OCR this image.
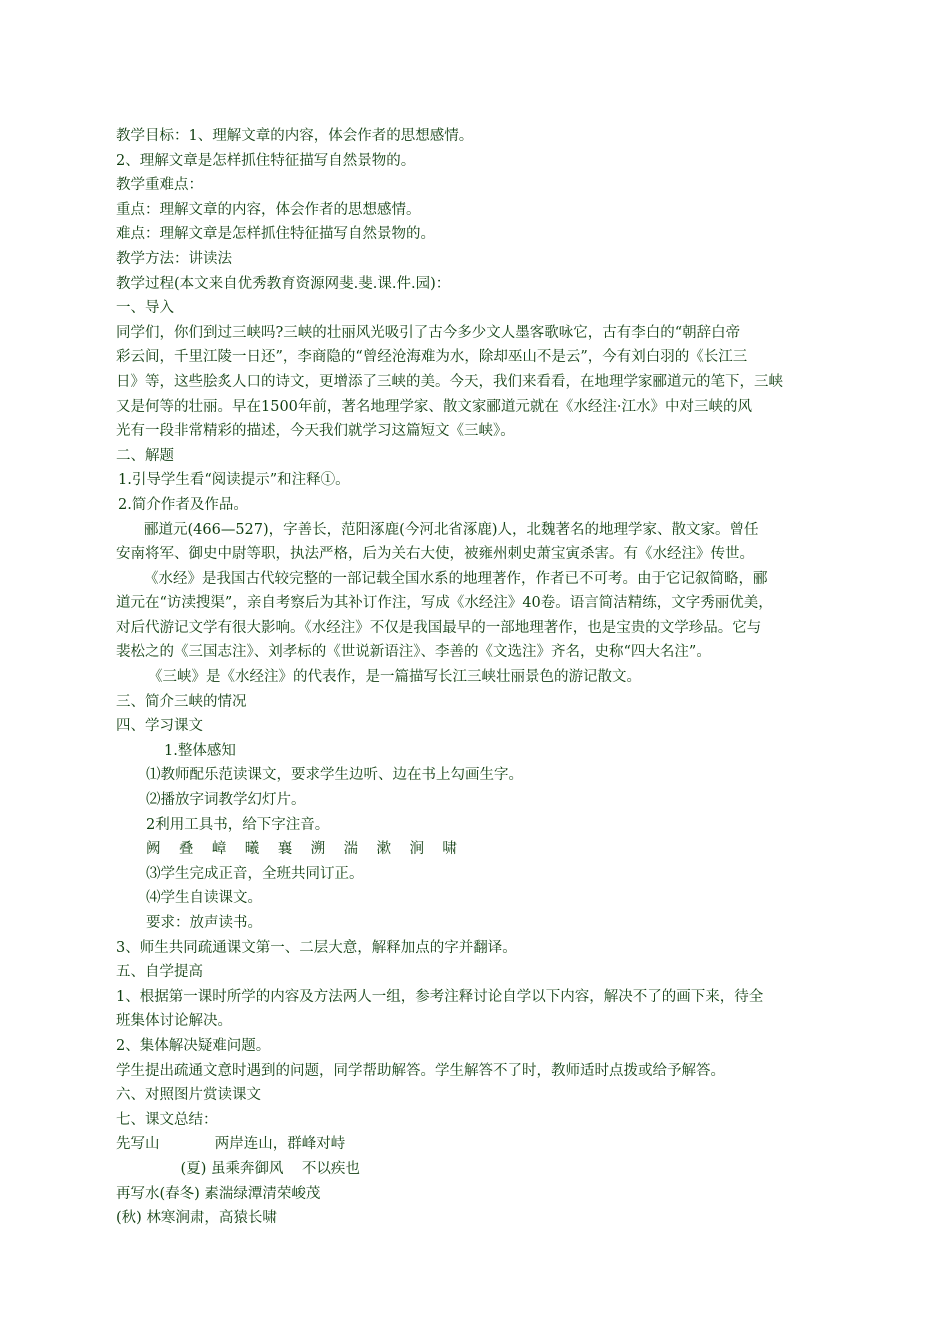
教学目标：1、理解文章的内容，体会作者的思想感情。

2、理解文章是怎样抓住特征描写自然景物的。

教学重难点：

重点：理解文章的内容，体会作者的思想感情。

难点：理解文章是怎样抓住特征描写自然景物的。

教学方法：讲读法

教学过程(本文来自优秀教育资源网斐.斐.课.件.园)：

一、导入

同学们，你们到过三峡吗?三峡的壮丽风光吸引了古今多少文人墨客歌咏它，古有李白的“朝辞白帝

彩云间，千里江陵一日还”，李商隐的“曾经沧海难为水，除却巫山不是云”，今有刘白羽的《长江三

日》等，这些脍炙人口的诗文，更增添了三峡的美。今天，我们来看看，在地理学家郦道元的笔下，三峡

又是何等的壮丽。早在1500年前，著名地理学家、散文家郦道元就在《水经注·江水》中对三峡的风

光有一段非常精彩的描述，今天我们就学习这篇短文《三峡》。

二、解题

1.引导学生看“阅读提示”和注释①。

2.简介作者及作品。

郦道元(466—527)，字善长，范阳涿鹿(今河北省涿鹿)人，北魏著名的地理学家、散文家。曾任

安南将军、御史中尉等职，执法严格，后为关右大使，被雍州刺史萧宝寅杀害。有《水经注》传世。

《水经》是我国古代较完整的一部记载全国水系的地理著作，作者已不可考。由于它记叙简略，郦

道元在“访渎搜渠”，亲自考察后为其补订作注，写成《水经注》40卷。语言简洁精练，文字秀丽优美，

对后代游记文学有很大影响。《水经注》不仅是我国最早的一部地理著作，也是宝贵的文学珍品。它与

裴松之的《三国志注》、刘孝标的《世说新语注》、李善的《文选注》齐名，史称“四大名注”。

《三峡》是《水经注》的代表作，是一篇描写长江三峡壮丽景色的游记散文。

三、简介三峡的情况

四、学习课文

1.整体感知

⑴教师配乐范读课文，要求学生边听、边在书上勾画生字。

⑵播放字词教学幻灯片。

2利用工具书，给下字注音。

阙    叠    嶂    曦    襄    溯    湍    漱    涧    啸

⑶学生完成正音，全班共同订正。

⑷学生自读课文。

要求：放声读书。

3、师生共同疏通课文第一、二层大意，解释加点的字并翻译。

五、自学提高

1、根据第一课时所学的内容及方法两人一组，参考注释讨论自学以下内容，解决不了的画下来，待全

班集体讨论解决。

2、集体解决疑难问题。

学生提出疏通文意时遇到的问题，同学帮助解答。学生解答不了时，教师适时点拨或给予解答。

六、对照图片赏读课文

七、课文总结：

先写山            两岸连山，群峰对峙

(夏) 虽乘奔御风    不以疾也

再写水(春冬) 素湍绿潭清荣峻茂

(秋) 林寒涧肃，高猿长啸
